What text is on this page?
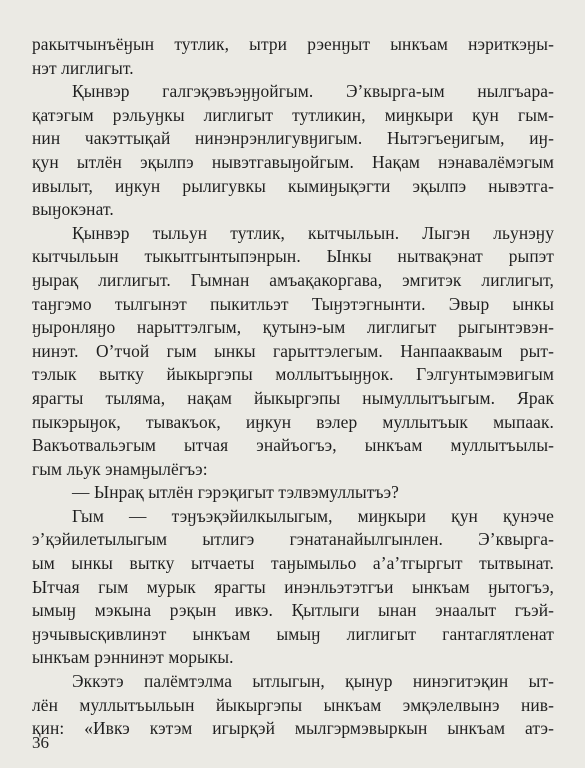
ракытчынъёӈын тутлик, ытри рэенӈыт ынкъам нэриткэӈы-
нэт лиглигыт.
Қынвэр галгэқэвъэӈӈойгым. Э’квырга-ым нылгъара-
қатэгым рэльуӈкы лиглигыт тутликин, миӈкыри қун гым-
нин чакэттықай нинэнрэнлигувӈигым. Нытэгъеӈигым, иӈ-
қун ытлён эқылпэ нывэтгавыӈойгым. Нақам нэнавалёмэгым
ивылыт, иӈкун рылигувкы кымиӈықэгти эқылпэ нывэтга-
выӈокэнат.
Қынвэр тыльун тутлик, кытчыльын. Лыгэн льунэӈу
кытчыльын тыкытгынтыпэнрын. Ынкы нытвақэнат рыпэт
ӈырақ лиглигыт. Гымнан амъақакоргава, эмгитэк лиглигыт,
таӈгэмо тылгынэт пыкитльэт Тыӈэтэгнынти. Эвыр ынкы
ӈыронляӈо нарыттэлгым, қутынэ-ым лиглигыт рыгынтэвэн-
нинэт. О’тчой гым ынкы гарыттэлегым. Нанпаакваым рыт-
тэлык вытку йыкыргэпы моллытъыӈӈок. Гэлгунтымэвигым
ярагты тылямa, нақам йыкыргэпы нымуллытъыгым. Ярак
пыкэрыӈок, тывакъок, иӈкун вэлер муллытъык мыпаак.
Вакъотвальэгым ытчая энайъогъэ, ынкъам муллытъылы-
гым льук энамӈылёгъэ:
— Ынрақ ытлён гэрэқигыт тэлвэмуллытъэ?
Гым — тэӈъэқэйилкылыгым, миӈкыри қун қунэче
э’қэйилетылыгым ытлигэ гэнатанайылгынлен. Э’квырга-
ым ынкы вытку ытчаеты таӈымыльо а’а’тгыргыт тытвынат.
Ытчая гым мурык ярагты инэнльэтэтгъи ынкъам ӈытогъэ,
ымыӈ мэкына рэқын ивкэ. Қытлыги ынан энаалыт гъэй-
ӈэчывысқивлинэт ынкъам ымыӈ лиглигыт гантаглятленат
ынкъам рэннинэт морыкы.
Эккэтэ палёмтэлма ытлыгын, қынур нинэгитэқин ыт-
лён муллытъыльын йыкыргэпы ынкъам эмқэлелвынэ нив-
қин: «Ивкэ кэтэм игырқэй мылгэрмэвыркын ынкъам атэ-
36
